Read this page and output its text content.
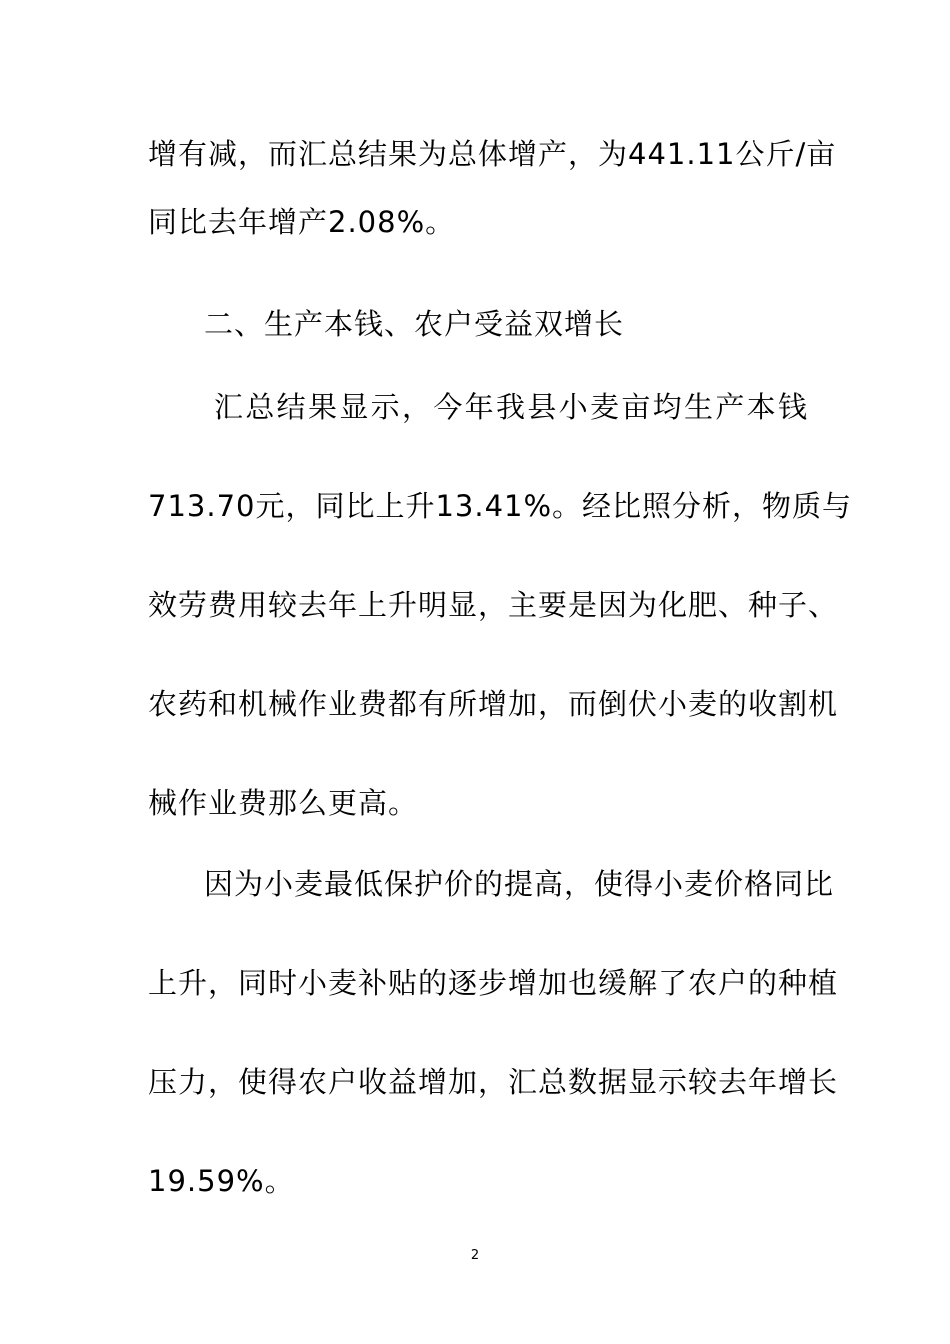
增有减，而汇总结果为总体增产，为441.11公斤/亩
同比去年增产2.08%。
二、生产本钱、农户受益双增长
汇总结果显示，今年我县小麦亩均生产本钱
713.70元，同比上升13.41%。经比照分析，物质与
效劳费用较去年上升明显，主要是因为化肥、种子、
农药和机械作业费都有所增加，而倒伏小麦的收割机
械作业费那么更高。
因为小麦最低保护价的提高，使得小麦价格同比
上升，同时小麦补贴的逐步增加也缓解了农户的种植
压力，使得农户收益增加，汇总数据显示较去年增长
19.59%。
2
